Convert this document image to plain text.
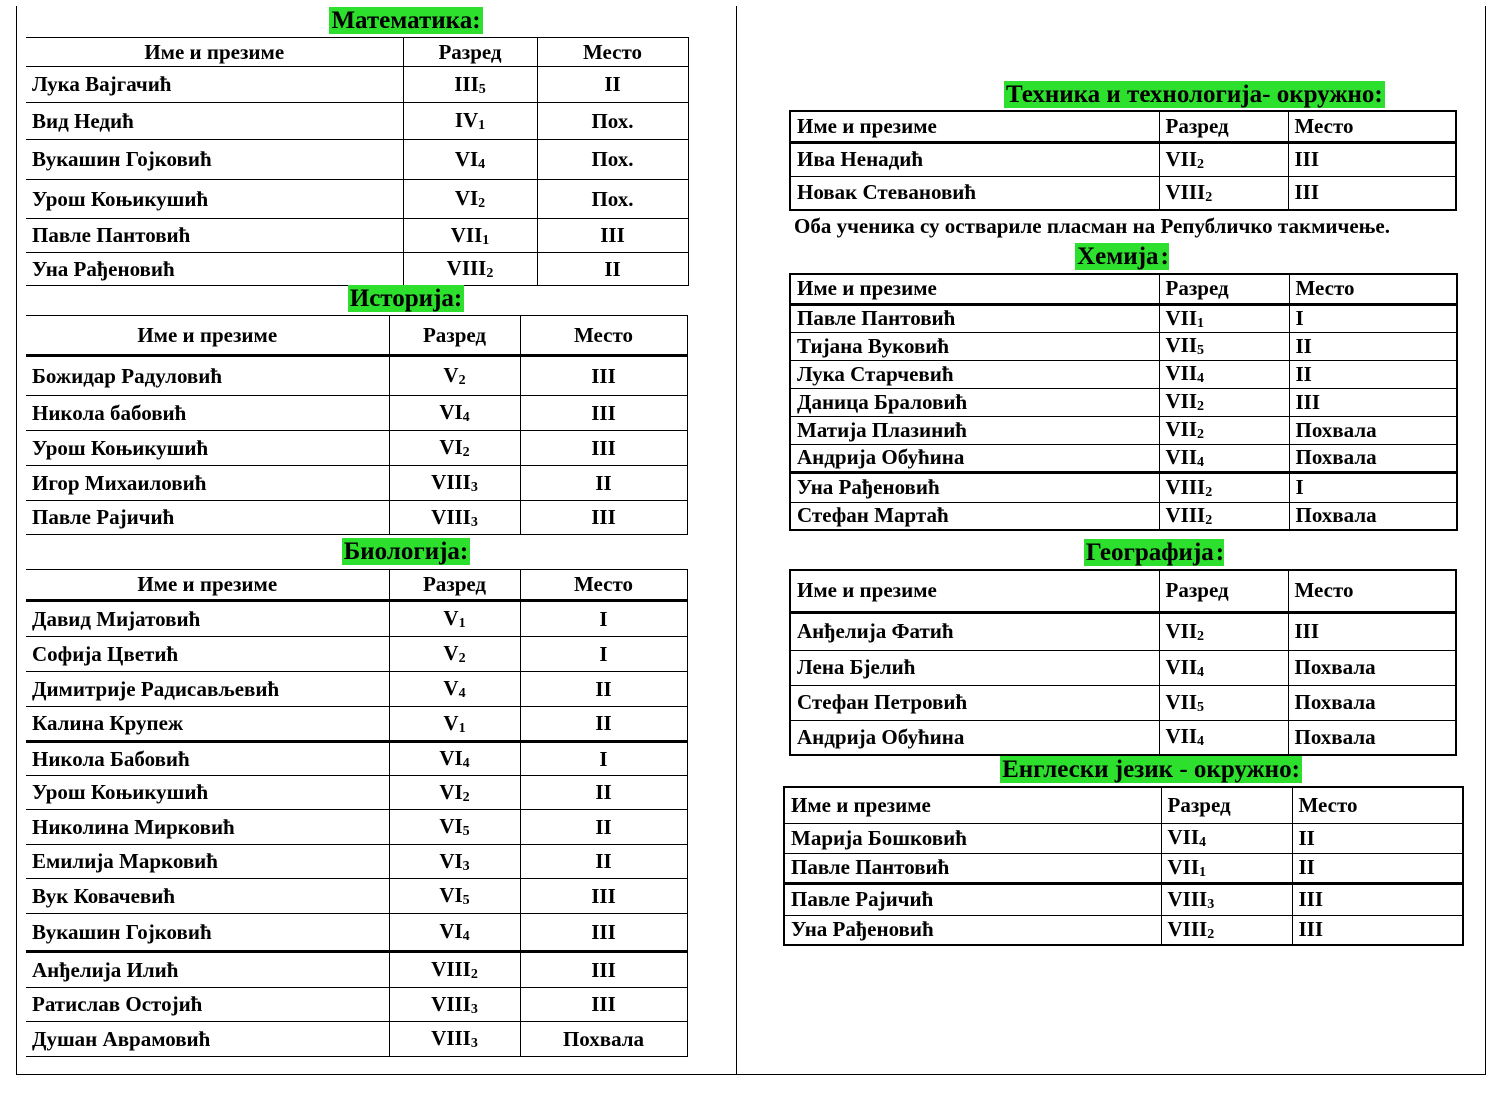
Математика:
Име и презиме	Разред	Место
Лука Вајгачић	$III_5$	II
Вид Недић	$IV_1$	Пох.
Вукашин Гојковић	$VI_4$	Пох.
Урош Коњикушић	$VI_2$	Пох.
Павле Пантовић	$VII_1$	III
Уна Рађеновић	$VIII_2$	II
Историја:
Име и презиме	Разред	Место
Божидар Радуловић	$V_2$	III
Никола бабовић	$VI_4$	III
Урош Коњикушић	$VI_2$	III
Игор Михаиловић	$VIII_3$	II
Павле Рајичић	$VIII_3$	III
Биологија:
Име и презиме	Разред	Место
Давид Мијатовић	$V_1$	I
Софија Цветић	$V_2$	I
Димитрије Радисављевић	$V_4$	II
Калина Крупеж	$V_1$	II
Никола Бабовић	$VI_4$	I
Урош Коњикушић	$VI_2$	II
Николина Мирковић	$VI_5$	II
Емилија Марковић	$VI_3$	II
Вук Ковачевић	$VI_5$	III
Вукашин Гојковић	$VI_4$	III
Анђелија Илић	$VIII_2$	III
Ратислав Остојић	$VIII_3$	III
Душан Аврамовић	$VIII_3$	Похвала
Техника и технологија- окружно:
Име и презиме	Разред	Место
Ива Ненадић	$VII_2$	III
Новак Стевановић	$VIII_2$	III
Оба ученика су оствариле пласман на Републичко такмичење.
Хемија:
Име и презиме	Разред	Место
Павле Пантовић	$VII_1$	I
Тијана Вуковић	$VII_5$	II
Лука Старчевић	$VII_4$	II
Даница Браловић	$VII_2$	III
Матија Плазинић	$VII_2$	Похвала
Андрија Обућина	$VII_4$	Похвала
Уна Рађеновић	$VIII_2$	I
Стефан Мартаћ	$VIII_2$	Похвала
Географија:
Име и презиме	Разред	Место
Анђелија Фатић	$VII_2$	III
Лена Бјелић	$VII_4$	Похвала
Стефан Петровић	$VII_5$	Похвала
Андрија Обућина	$VII_4$	Похвала
Енглески језик - окружно:
Име и презиме	Разред	Место
Марија Бошковић	$VII_4$	II
Павле Пантовић	$VII_1$	II
Павле Рајичић	$VIII_3$	III
Уна Рађеновић	$VIII_2$	III
